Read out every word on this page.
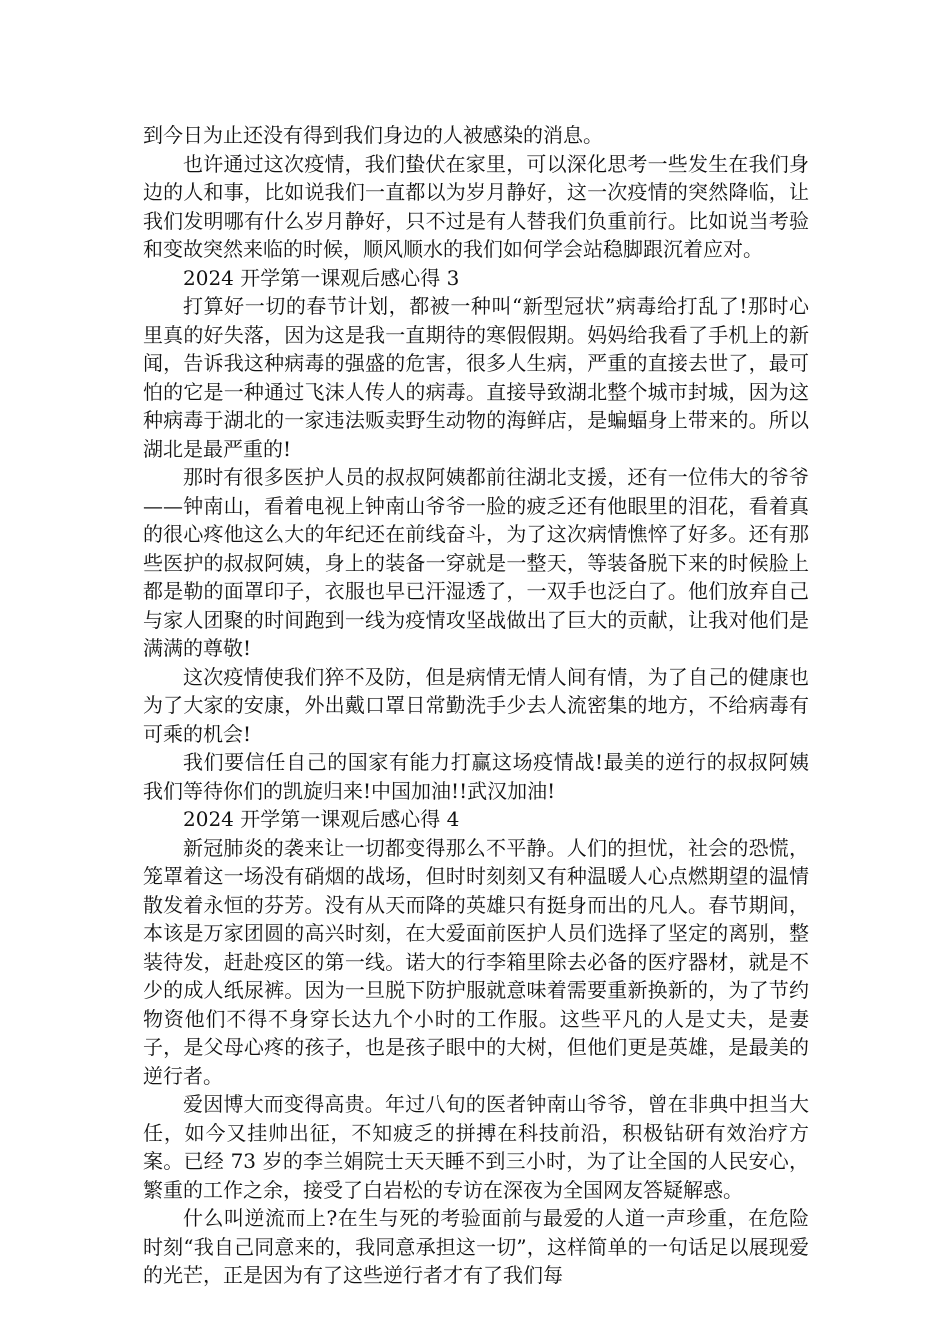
到今日为止还没有得到我们身边的人被感染的消息。

也许通过这次疫情，我们蛰伏在家里，可以深化思考一些发生在我们身边的人和事，比如说我们一直都以为岁月静好，这一次疫情的突然降临，让我们发明哪有什么岁月静好，只不过是有人替我们负重前行。比如说当考验和变故突然来临的时候，顺风顺水的我们如何学会站稳脚跟沉着应对。

2024 开学第一课观后感心得 3

打算好一切的春节计划，都被一种叫“新型冠状”病毒给打乱了!那时心里真的好失落，因为这是我一直期待的寒假假期。妈妈给我看了手机上的新闻，告诉我这种病毒的强盛的危害，很多人生病，严重的直接去世了，最可怕的它是一种通过飞沫人传人的病毒。直接导致湖北整个城市封城，因为这种病毒于湖北的一家违法贩卖野生动物的海鲜店，是蝙蝠身上带来的。所以湖北是最严重的!

那时有很多医护人员的叔叔阿姨都前往湖北支援，还有一位伟大的爷爷——钟南山，看着电视上钟南山爷爷一脸的疲乏还有他眼里的泪花，看着真的很心疼他这么大的年纪还在前线奋斗，为了这次病情憔悴了好多。还有那些医护的叔叔阿姨，身上的装备一穿就是一整天，等装备脱下来的时候脸上都是勒的面罩印子，衣服也早已汗湿透了，一双手也泛白了。他们放弃自己与家人团聚的时间跑到一线为疫情攻坚战做出了巨大的贡献，让我对他们是满满的尊敬!

这次疫情使我们猝不及防，但是病情无情人间有情，为了自己的健康也为了大家的安康，外出戴口罩日常勤洗手少去人流密集的地方，不给病毒有可乘的机会!

我们要信任自己的国家有能力打赢这场疫情战!最美的逆行的叔叔阿姨我们等待你们的凯旋归来!中国加油!!武汉加油!

2024 开学第一课观后感心得 4

新冠肺炎的袭来让一切都变得那么不平静。人们的担忧，社会的恐慌，笼罩着这一场没有硝烟的战场，但时时刻刻又有种温暖人心点燃期望的温情散发着永恒的芬芳。没有从天而降的英雄只有挺身而出的凡人。春节期间，本该是万家团圆的高兴时刻，在大爱面前医护人员们选择了坚定的离别，整装待发，赶赴疫区的第一线。诺大的行李箱里除去必备的医疗器材，就是不少的成人纸尿裤。因为一旦脱下防护服就意味着需要重新换新的，为了节约物资他们不得不身穿长达九个小时的工作服。这些平凡的人是丈夫，是妻子，是父母心疼的孩子，也是孩子眼中的大树，但他们更是英雄，是最美的逆行者。

爱因博大而变得高贵。年过八旬的医者钟南山爷爷，曾在非典中担当大任，如今又挂帅出征，不知疲乏的拼搏在科技前沿，积极钻研有效治疗方案。已经 73 岁的李兰娟院士天天睡不到三小时，为了让全国的人民安心，繁重的工作之余，接受了白岩松的专访在深夜为全国网友答疑解惑。

什么叫逆流而上?在生与死的考验面前与最爱的人道一声珍重，在危险时刻“我自己同意来的，我同意承担这一切”，这样简单的一句话足以展现爱的光芒，正是因为有了这些逆行者才有了我们每
